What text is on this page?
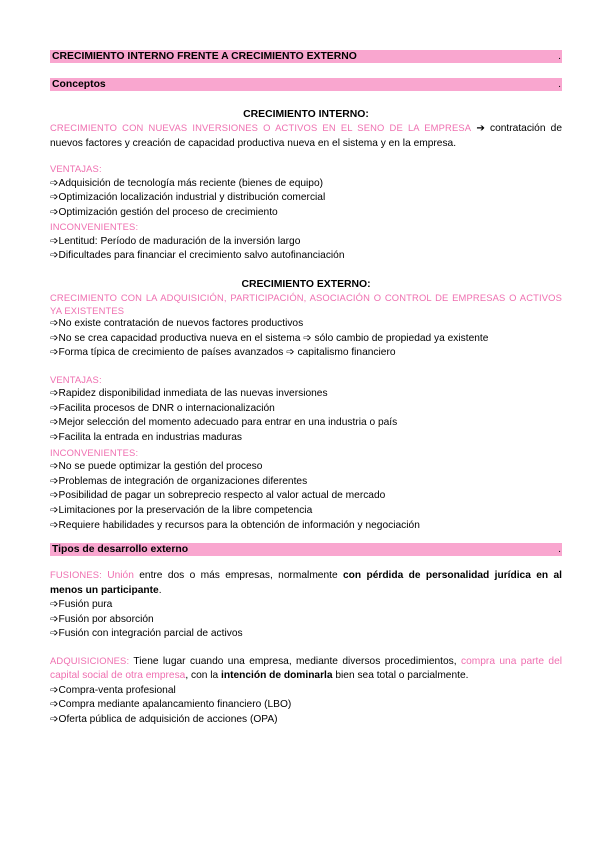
CRECIMIENTO INTERNO FRENTE A CRECIMIENTO EXTERNO	.
Conceptos	.
CRECIMIENTO INTERNO:

CRECIMIENTO CON NUEVAS INVERSIONES O ACTIVOS EN EL SENO DE LA EMPRESA ➔ contratación de nuevos factores y creación de capacidad productiva nueva en el sistema y en la empresa.

VENTAJAS:
➩Adquisición de tecnología más reciente (bienes de equipo)
➩Optimización localización industrial y distribución comercial
➩Optimización gestión del proceso de crecimiento
INCONVENIENTES:
➩Lentitud: Período de maduración de la inversión largo
➩Dificultades para financiar el crecimiento salvo autofinanciación
CRECIMIENTO EXTERNO:

CRECIMIENTO CON LA ADQUISICIÓN, PARTICIPACIÓN, ASOCIACIÓN O CONTROL DE EMPRESAS O ACTIVOS YA EXISTENTES

➩No existe contratación de nuevos factores productivos
➩No se crea capacidad productiva nueva en el sistema ➩ sólo cambio de propiedad ya existente
➩Forma típica de crecimiento de países avanzados ➩ capitalismo financiero
VENTAJAS:
➩Rapidez disponibilidad inmediata de las nuevas inversiones
➩Facilita procesos de DNR o internacionalización
➩Mejor selección del momento adecuado para entrar en una industria o país
➩Facilita la entrada en industrias maduras
INCONVENIENTES:
➩No se puede optimizar la gestión del proceso
➩Problemas de integración de organizaciones diferentes
➩Posibilidad de pagar un sobreprecio respecto al valor actual de mercado
➩Limitaciones por la preservación de la libre competencia
➩Requiere habilidades y recursos para la obtención de información y negociación
Tipos de desarrollo externo	.

FUSIONES: Unión entre dos o más empresas, normalmente con pérdida de personalidad jurídica en al menos un participante.

➩Fusión pura
➩Fusión por absorción
➩Fusión con integración parcial de activos

ADQUISICIONES: Tiene lugar cuando una empresa, mediante diversos procedimientos, compra una parte del capital social de otra empresa, con la intención de dominarla bien sea total o parcialmente.

➩Compra-venta profesional
➩Compra mediante apalancamiento financiero (LBO)
➩Oferta pública de adquisición de acciones (OPA)
